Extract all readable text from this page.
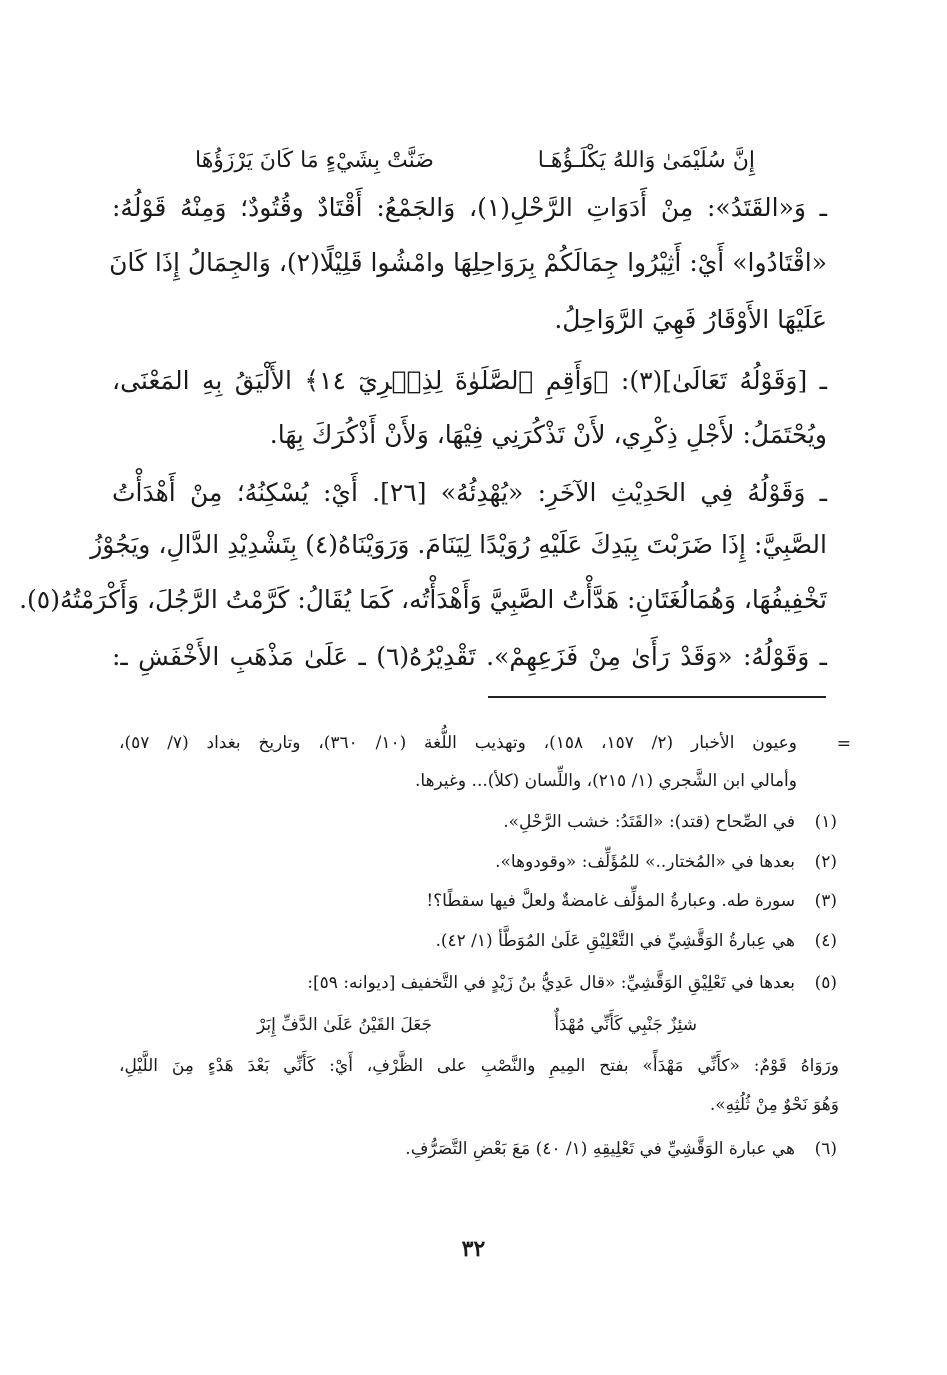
إِنَّ سُلَيْمَىٰ وَاللهُ يَكْلَـؤُهَـا
ضَنَّتْ بِشَيْءٍ مَا كَانَ يَرْزَؤُهَا
ـ وَ«القَتَدُ»: مِنْ أَدَوَاتِ الرَّحْلِ(١)، وَالجَمْعُ: أَقْتَادٌ وقُتُودٌ؛ وَمِنْهُ قَوْلُهُ:
«اقْتَادُوا» أَيْ: أَثِيْرُوا جِمَالَكُمْ بِرَوَاحِلِهَا وامْشُوا قَلِيْلًا(٢)، وَالجِمَالُ إِذَا كَانَ
عَلَيْهَا الأَوْقَارُ فَهِيَ الرَّوَاحِلُ.
ـ [وَقَوْلُهُ تَعَالَىٰ](٣): ﴿وَأَقِمِ ٱلصَّلَوٰةَ لِذِكۡرِيٓ ١٤﴾ الأَلْيَقُ بِهِ المَعْنَى،
ويُحْتَمَلُ: لأَجْلِ ذِكْرِي، لأَنْ تَذْكُرَنِي فِيْهَا، وَلأَنْ أَذْكُرَكَ بِهَا.
ـ وَقَوْلُهُ فِي الحَدِيْثِ الآخَرِ: «يُهْدِئُهُ» [٢٦]. أَيْ: يُسْكِنُهُ؛ مِنْ أَهْدَأْتُ
الصَّبِيَّ: إِذَا ضَرَبْتَ بِيَدِكَ عَلَيْهِ رُوَيْدًا لِيَنَامَ. وَرَوَيْنَاهُ(٤) بِتَشْدِيْدِ الدَّالِ، ويَجُوْزُ
تَخْفِيفُهَا، وَهُمَالُغَتَانِ: هَدَّأْتُ الصَّبِيَّ وَأَهْدَأْتُه، كَمَا يُقَالُ: كَرَّمْتُ الرَّجُلَ، وَأَكْرَمْتُهُ(٥).
ـ وَقَوْلُهُ: «وَقَدْ رَأَىٰ مِنْ فَزَعِهِمْ». تَقْدِيْرُهُ(٦) ـ عَلَىٰ مَذْهَبِ الأَخْفَشِ ـ:
=
وعيون الأخبار (٢/ ١٥٧، ١٥٨)، وتهذيب اللُّغة (١٠/ ٣٦٠)، وتاريخ بغداد (٧/ ٥٧)،
وأمالي ابن الشَّجري (١/ ٢١٥)، واللِّسان (كلأ)... وغيرها.
(١)
في الصِّحاح (قتد): «القَتَدُ: خشب الرَّحْلِ».
(٢)
بعدها في «المُختار..» للمُؤَلِّف: «وقودوها».
(٣)
سورة طه. وعبارةُ المؤلِّف غامضةٌ ولعلَّ فيها سقطًا؟!
(٤)
هي عِبارةُ الوَقَّشِيِّ في التَّعْلِيْقِ عَلَىٰ المُوَطَّأ (١/ ٤٢).
(٥)
بعدها في تَعْلِيْقِ الوَقَّشِيِّ: «قال عَدِيُّ بنُ زَيْدٍ في التَّخفيف [ديوانه: ٥٩]:
شئِزٌ جَنْبِي كَأَنِّي مُهْدَأٌ
جَعَلَ القَيْنُ عَلَىٰ الدَّفِّ إِبَرْ
ورَوَاهُ قَوْمٌ: «كأَنِّي مَهْدَأً» بفتح المِيمِ والنَّصْبِ على الظَّرْفِ، أَيْ: كَأَنِّي بَعْدَ هَدْءٍ مِنَ اللَّيْلِ،
وَهُوَ نَحْوٌ مِنْ ثُلُثِهِ».
(٦)
هي عبارة الوَقَّشِيِّ في تَعْلِيقِهِ (١/ ٤٠) مَعَ بَعْضِ التَّصَرُّفِ.
٣٢
